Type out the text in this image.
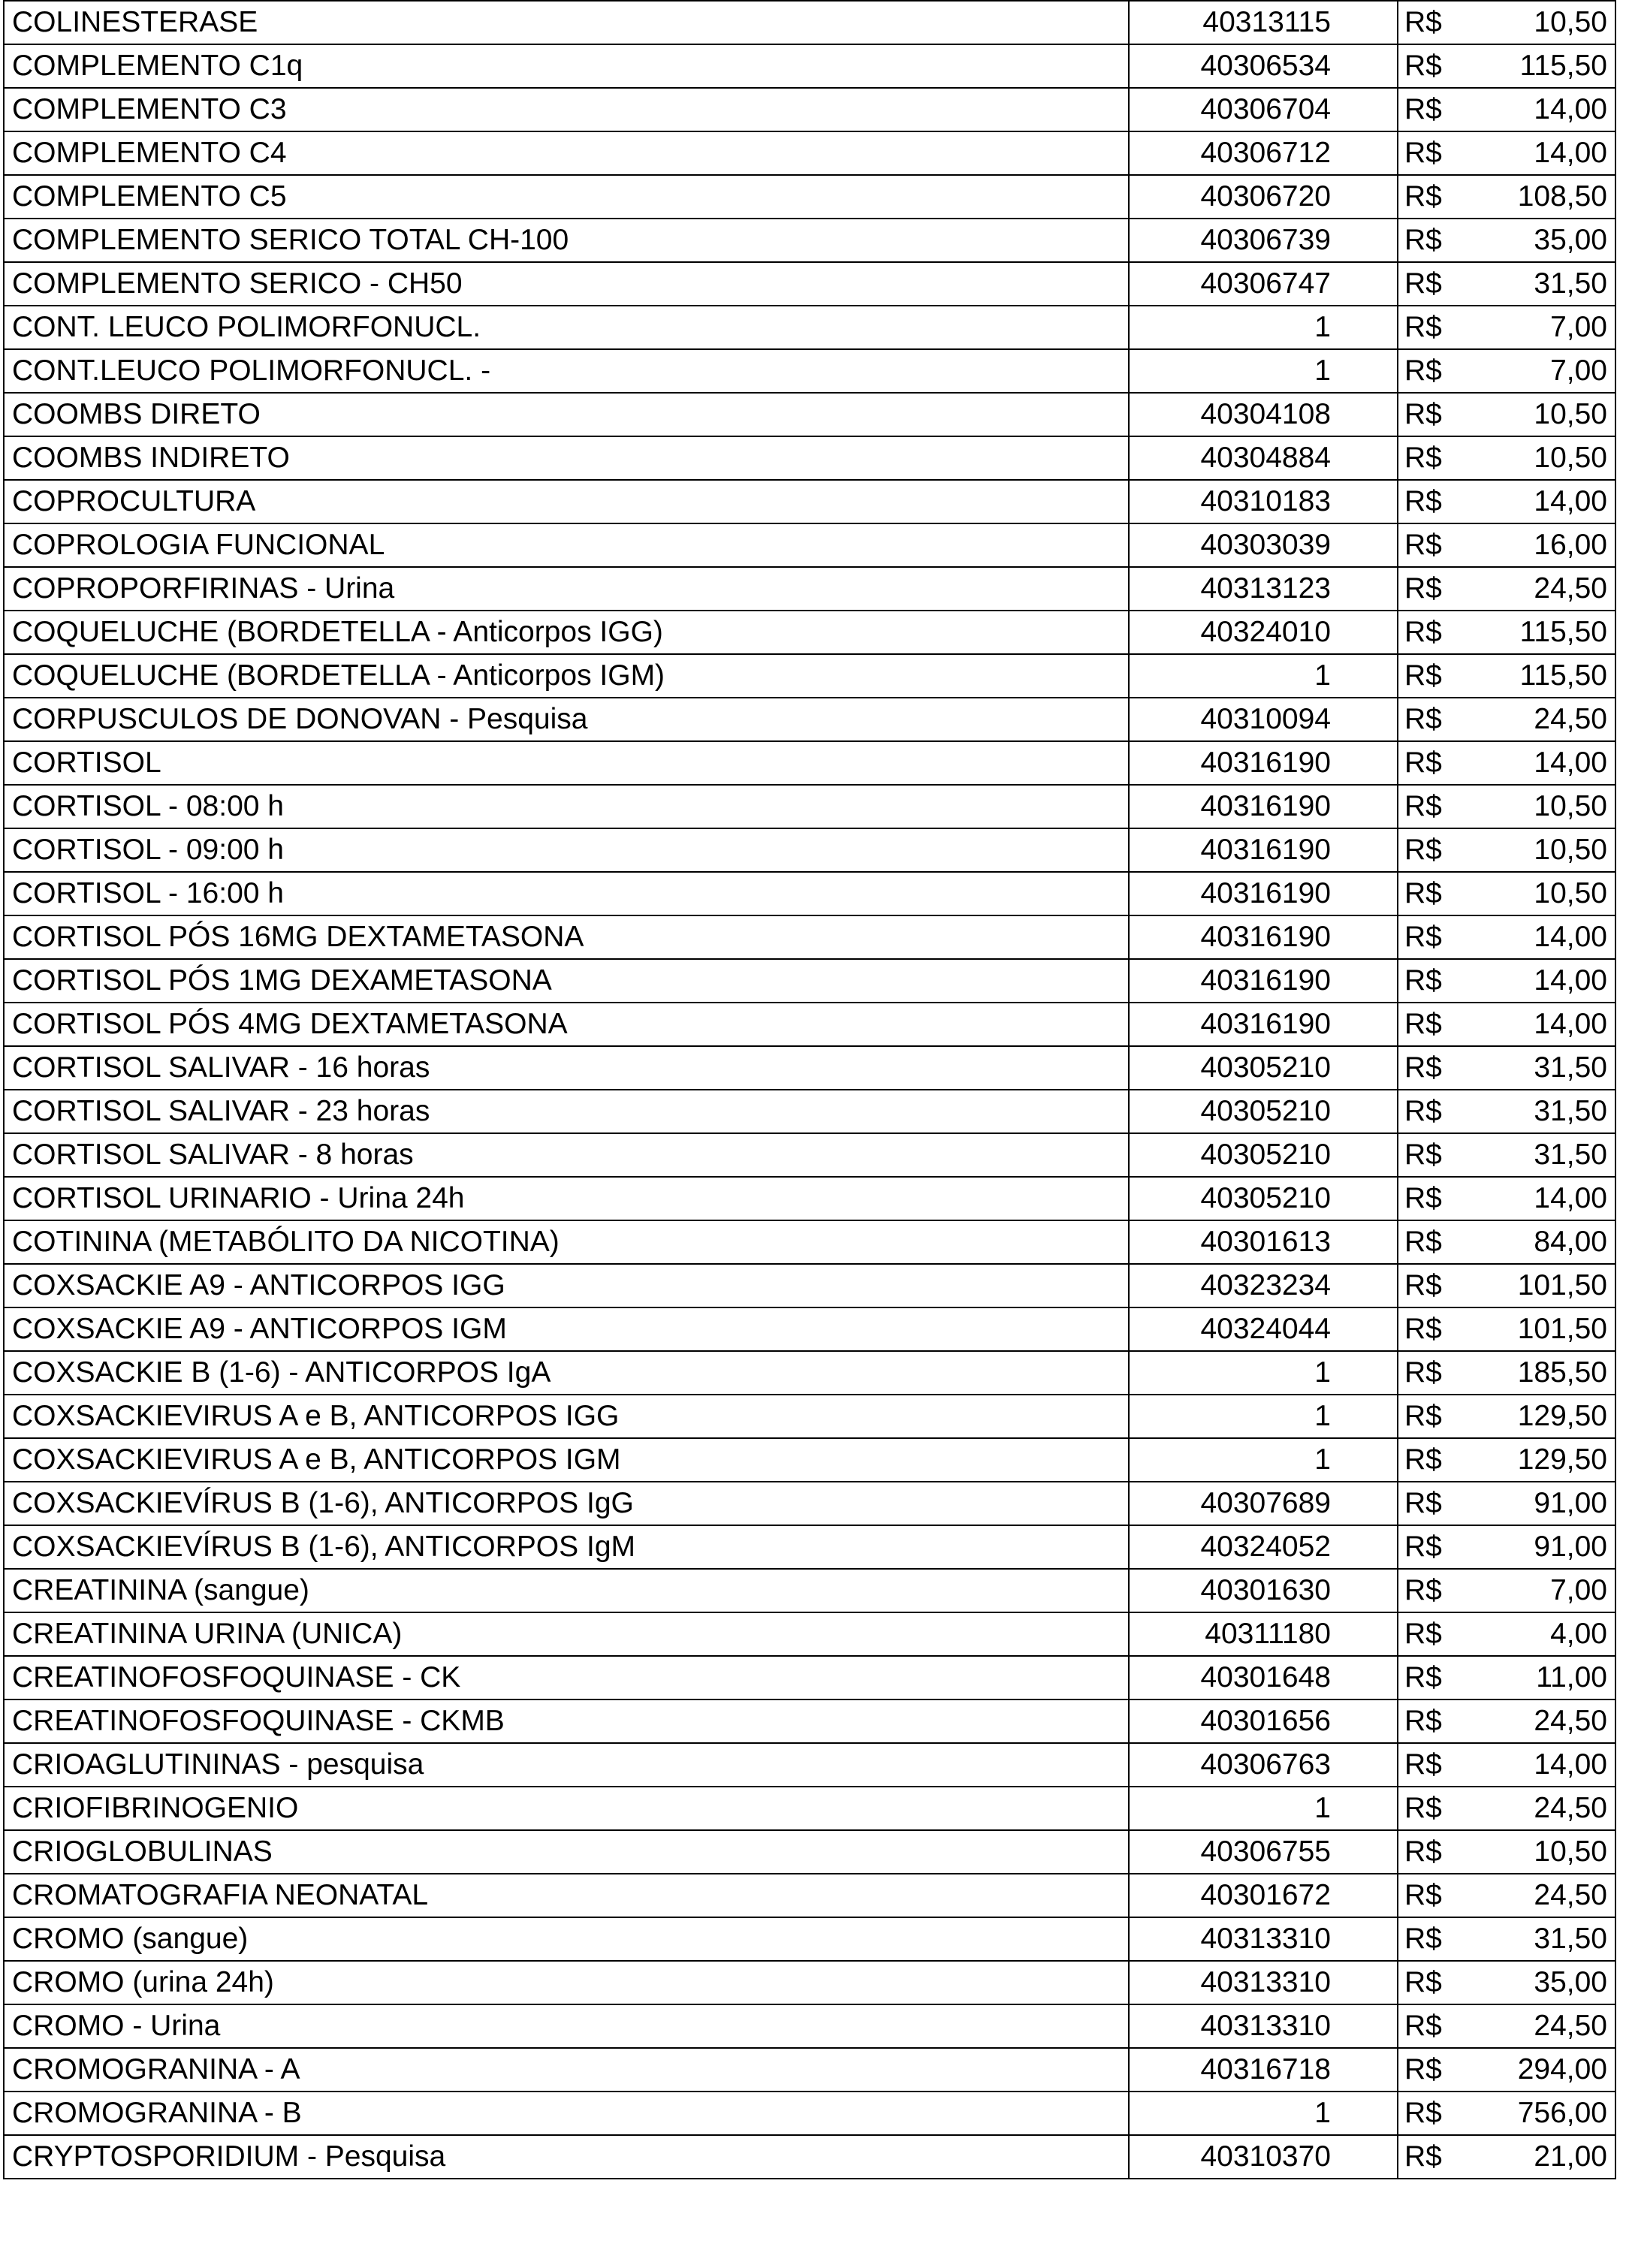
COLINESTERASE	40313115	R$	10,50
COMPLEMENTO C1q	40306534	R$	115,50
COMPLEMENTO C3	40306704	R$	14,00
COMPLEMENTO C4	40306712	R$	14,00
COMPLEMENTO C5	40306720	R$	108,50
COMPLEMENTO SERICO TOTAL CH-100	40306739	R$	35,00
COMPLEMENTO SERICO - CH50	40306747	R$	31,50
CONT. LEUCO POLIMORFONUCL.	1	R$	7,00
CONT.LEUCO POLIMORFONUCL. -	1	R$	7,00
COOMBS DIRETO	40304108	R$	10,50
COOMBS INDIRETO	40304884	R$	10,50
COPROCULTURA	40310183	R$	14,00
COPROLOGIA FUNCIONAL	40303039	R$	16,00
COPROPORFIRINAS - Urina	40313123	R$	24,50
COQUELUCHE (BORDETELLA - Anticorpos IGG)	40324010	R$	115,50
COQUELUCHE (BORDETELLA - Anticorpos IGM)	1	R$	115,50
CORPUSCULOS DE DONOVAN - Pesquisa	40310094	R$	24,50
CORTISOL	40316190	R$	14,00
CORTISOL - 08:00 h	40316190	R$	10,50
CORTISOL - 09:00 h	40316190	R$	10,50
CORTISOL - 16:00 h	40316190	R$	10,50
CORTISOL PÓS 16MG DEXTAMETASONA	40316190	R$	14,00
CORTISOL PÓS 1MG DEXAMETASONA	40316190	R$	14,00
CORTISOL PÓS 4MG DEXTAMETASONA	40316190	R$	14,00
CORTISOL SALIVAR - 16 horas	40305210	R$	31,50
CORTISOL SALIVAR - 23 horas	40305210	R$	31,50
CORTISOL SALIVAR - 8 horas	40305210	R$	31,50
CORTISOL URINARIO - Urina 24h	40305210	R$	14,00
COTININA (METABÓLITO DA NICOTINA)	40301613	R$	84,00
COXSACKIE A9 - ANTICORPOS IGG	40323234	R$	101,50
COXSACKIE A9 - ANTICORPOS IGM	40324044	R$	101,50
COXSACKIE B (1-6) - ANTICORPOS IgA	1	R$	185,50
COXSACKIEVIRUS A e B, ANTICORPOS IGG	1	R$	129,50
COXSACKIEVIRUS A e B, ANTICORPOS IGM	1	R$	129,50
COXSACKIEVÍRUS B (1-6), ANTICORPOS IgG	40307689	R$	91,00
COXSACKIEVÍRUS B (1-6), ANTICORPOS IgM	40324052	R$	91,00
CREATININA (sangue)	40301630	R$	7,00
CREATININA URINA (UNICA)	40311180	R$	4,00
CREATINOFOSFOQUINASE - CK	40301648	R$	11,00
CREATINOFOSFOQUINASE - CKMB	40301656	R$	24,50
CRIOAGLUTININAS - pesquisa	40306763	R$	14,00
CRIOFIBRINOGENIO	1	R$	24,50
CRIOGLOBULINAS	40306755	R$	10,50
CROMATOGRAFIA NEONATAL	40301672	R$	24,50
CROMO (sangue)	40313310	R$	31,50
CROMO (urina 24h)	40313310	R$	35,00
CROMO - Urina	40313310	R$	24,50
CROMOGRANINA - A	40316718	R$	294,00
CROMOGRANINA - B	1	R$	756,00
CRYPTOSPORIDIUM - Pesquisa	40310370	R$	21,00
